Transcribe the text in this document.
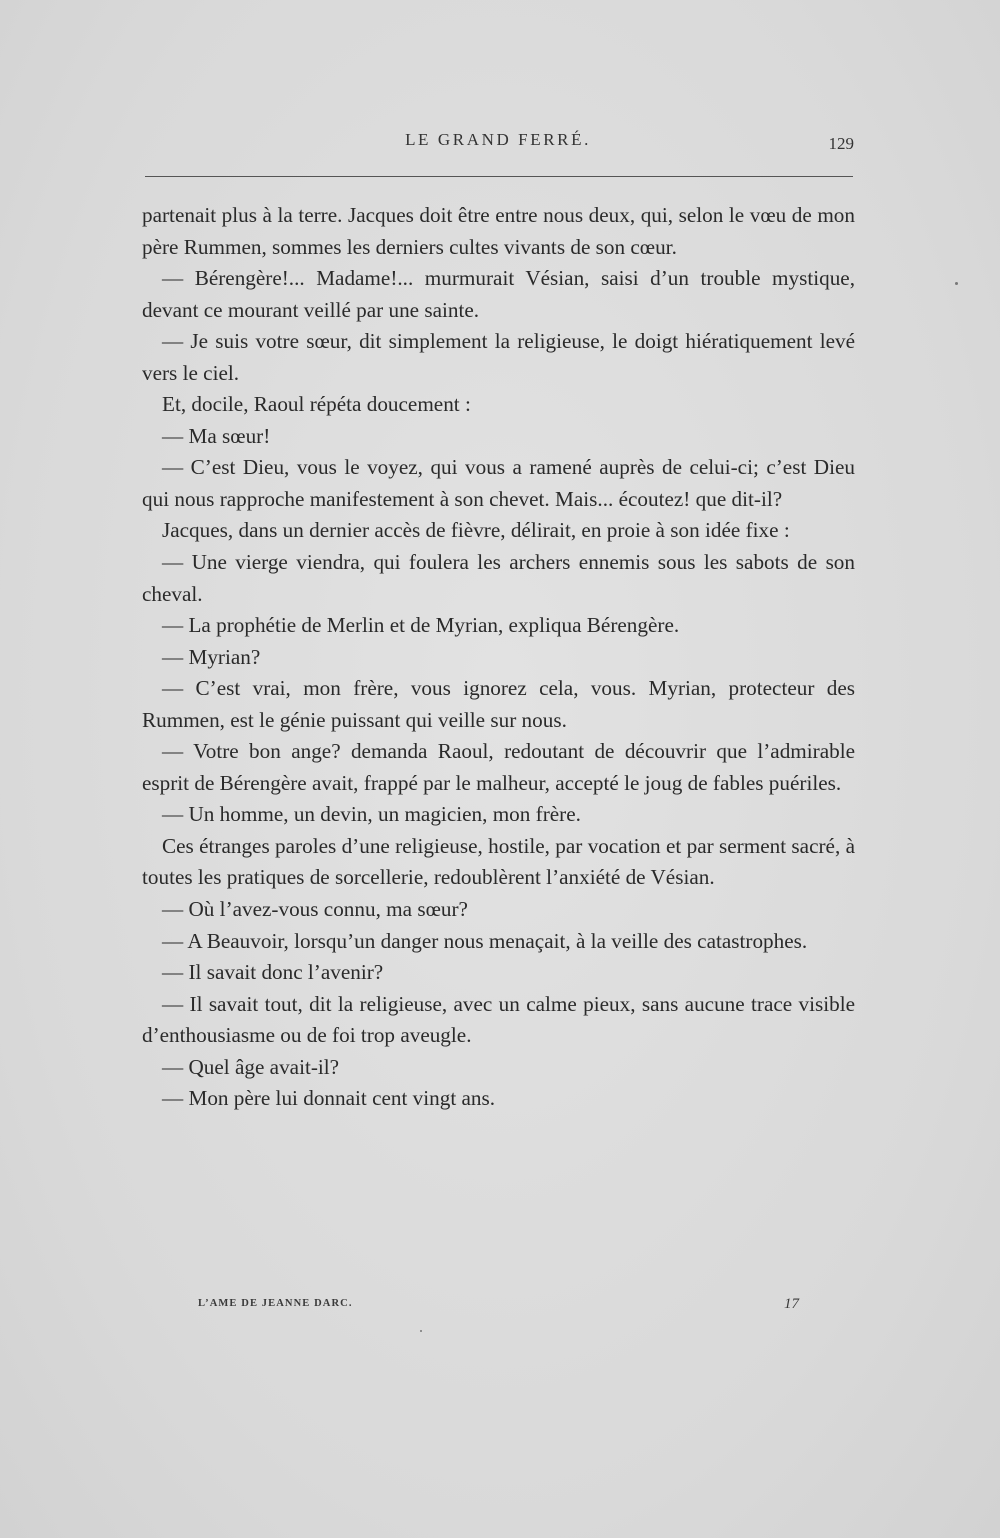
LE GRAND FERRÉ.	129

partenait plus à la terre. Jacques doit être entre nous deux, qui, selon le vœu de mon père Rummen, sommes les derniers cultes vivants de son cœur.

— Bérengère!... Madame!... murmurait Vésian, saisi d’un trouble mystique, devant ce mourant veillé par une sainte.

— Je suis votre sœur, dit simplement la religieuse, le doigt hiératiquement levé vers le ciel.

Et, docile, Raoul répéta doucement :

— Ma sœur!

— C’est Dieu, vous le voyez, qui vous a ramené auprès de celui-ci; c’est Dieu qui nous rapproche manifestement à son chevet. Mais... écoutez! que dit-il?

Jacques, dans un dernier accès de fièvre, délirait, en proie à son idée fixe :

— Une vierge viendra, qui foulera les archers ennemis sous les sabots de son cheval.

— La prophétie de Merlin et de Myrian, expliqua Bérengère.

— Myrian?

— C’est vrai, mon frère, vous ignorez cela, vous. Myrian, protecteur des Rummen, est le génie puissant qui veille sur nous.

— Votre bon ange? demanda Raoul, redoutant de découvrir que l’admirable esprit de Bérengère avait, frappé par le malheur, accepté le joug de fables puériles.

— Un homme, un devin, un magicien, mon frère.

Ces étranges paroles d’une religieuse, hostile, par vocation et par serment sacré, à toutes les pratiques de sorcellerie, redoublèrent l’anxiété de Vésian.

— Où l’avez-vous connu, ma sœur?

— A Beauvoir, lorsqu’un danger nous menaçait, à la veille des catastrophes.

— Il savait donc l’avenir?

— Il savait tout, dit la religieuse, avec un calme pieux, sans aucune trace visible d’enthousiasme ou de foi trop aveugle.

— Quel âge avait-il?

— Mon père lui donnait cent vingt ans.

L’AME DE JEANNE DARC.	17
